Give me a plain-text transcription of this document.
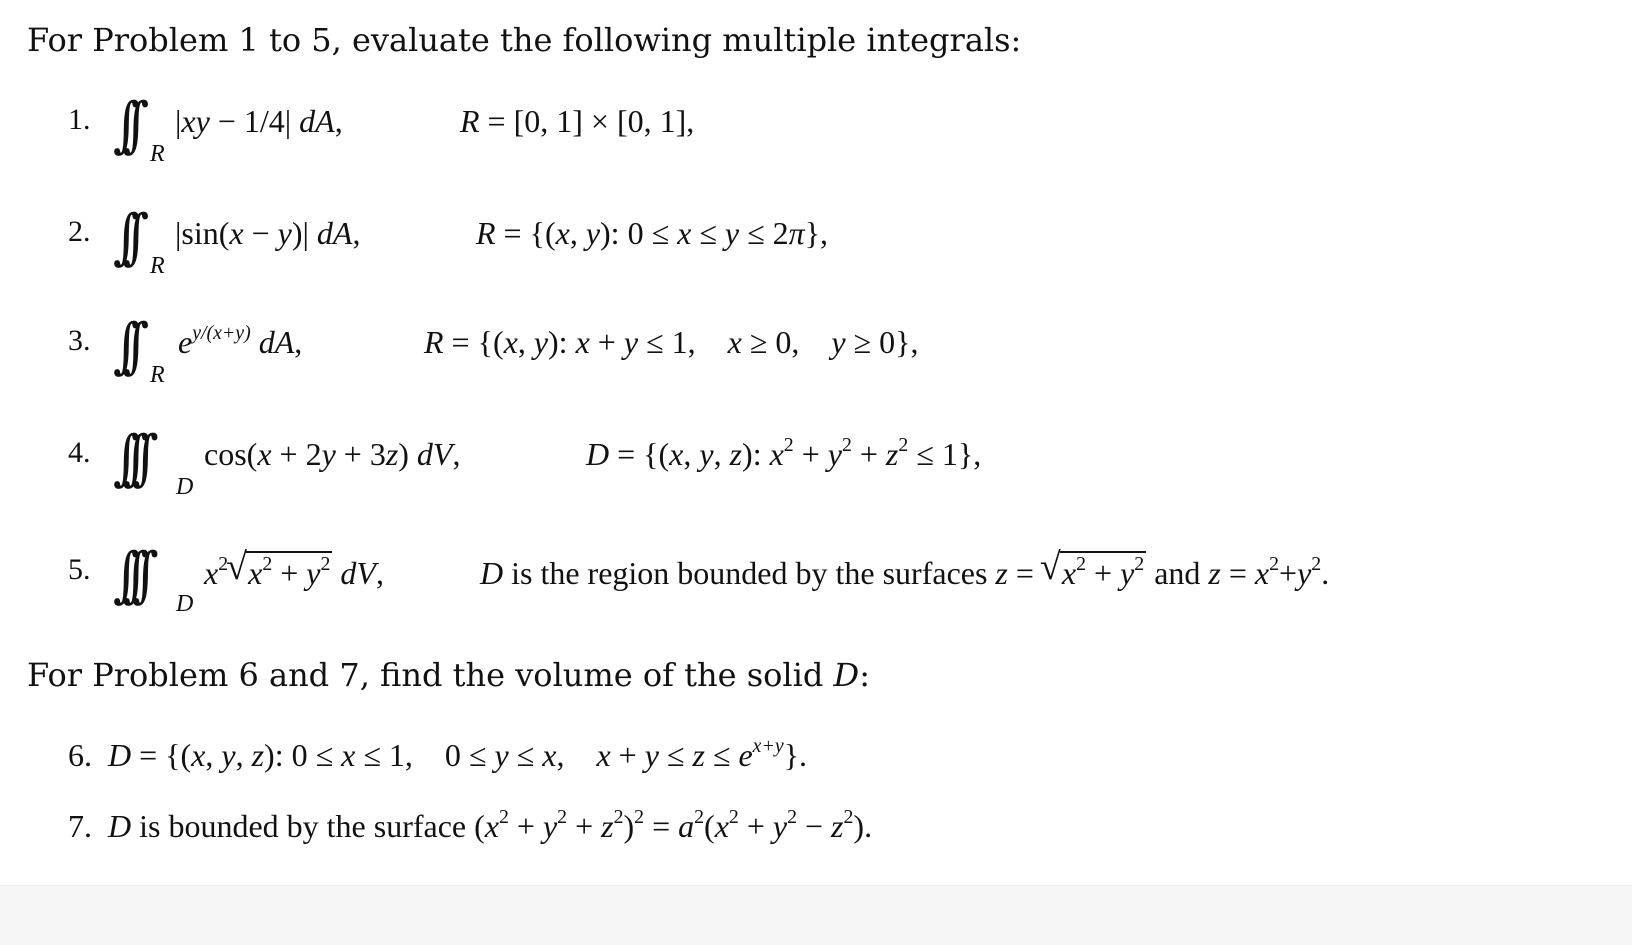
For Problem 1 to 5, evaluate the following multiple integrals:
1. ∫∫ R
|xy − 1/4| dA,	R = [0, 1] × [0, 1],
2. ∫∫ R
|sin(x − y)| dA,	R = {(x, y): 0 ≤ x ≤ y ≤ 2π},
3. ∫∫ R
$e^{y/(x+y)}$ dA,	R = {(x, y): x + y ≤ 1,    x ≥ 0,    y ≥ 0},
4. ∫∫∫ D
cos(x + 2y + 3z) dV,	D = {(x, y, z): $x^2 + y^2 + z^2 \le 1$},
5. ∫∫∫ D
$x^2√$ $x^2 + y^2$ dV,	D is the region bounded by the surfaces z = √ $x^2 + y^2$ and $z = x^2+y^2$.
For Problem 6 and 7, find the volume of the solid D:
6. D = {(x, y, z): 0 ≤ x ≤ 1,    0 ≤ y ≤ x,    $x + y \le z \le e^{x+y}$}.
7. D is bounded by the surface $(x^2 + y^2 + z^2)^2 = a^2(x^2 + y^2 - z^2)$.
